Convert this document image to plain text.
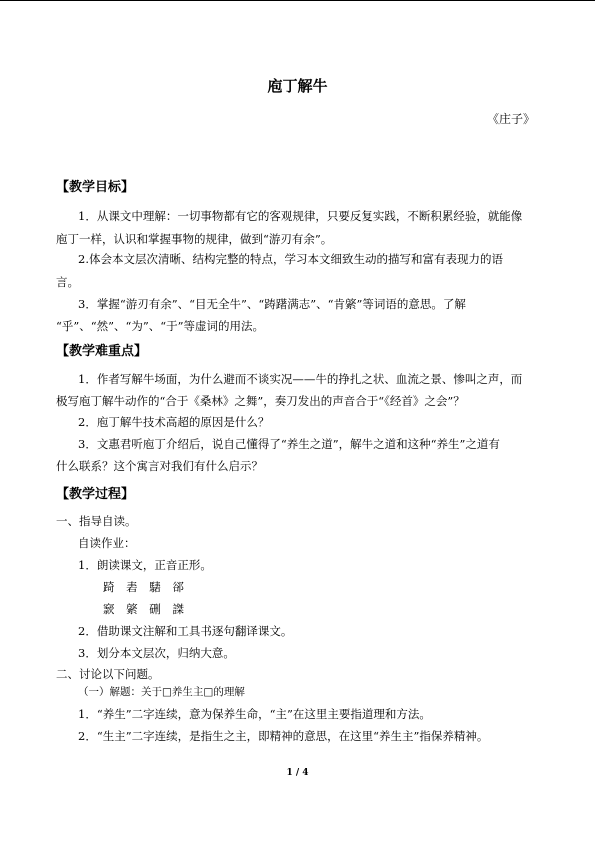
庖丁解牛
《庄子》
【教学目标】
1．从课文中理解：一切事物都有它的客观规律，只要反复实践，不断积累经验，就能像
庖丁一样，认识和掌握事物的规律，做到“游刃有余”。
2.体会本文层次清晰、结构完整的特点，学习本文细致生动的描写和富有表现力的语
言。
3．掌握“游刃有余”、“目无全牛”、“踌躇满志”、“肯綮”等词语的意思。了解
“乎”、“然”、“为”、“于”等虚词的用法。
【教学难重点】
1．作者写解牛场面，为什么避而不谈实况——牛的挣扎之状、血流之景、惨叫之声，而
极写庖丁解牛动作的“合于《桑林》之舞”，奏刀发出的声音合于“《经首》之会”？
2．庖丁解牛技术高超的原因是什么？
3．文惠君听庖丁介绍后，说自己懂得了“养生之道”，解牛之道和这种“养生”之道有
什么联系？这个寓言对我们有什么启示？
【教学过程】
一、指导自读。
自读作业：
1．朗读课文，正音正形。
踦 砉 騞 郤
窾 綮 硎 謋
2．借助课文注解和工具书逐句翻译课文。
3．划分本文层次，归纳大意。
二、讨论以下问题。
（一）解题：关于□养生主□的理解
1．“养生”二字连续，意为保养生命，“主”在这里主要指道理和方法。
2．“生主”二字连续，是指生之主，即精神的意思，在这里“养生主”指保养精神。
1 / 4
